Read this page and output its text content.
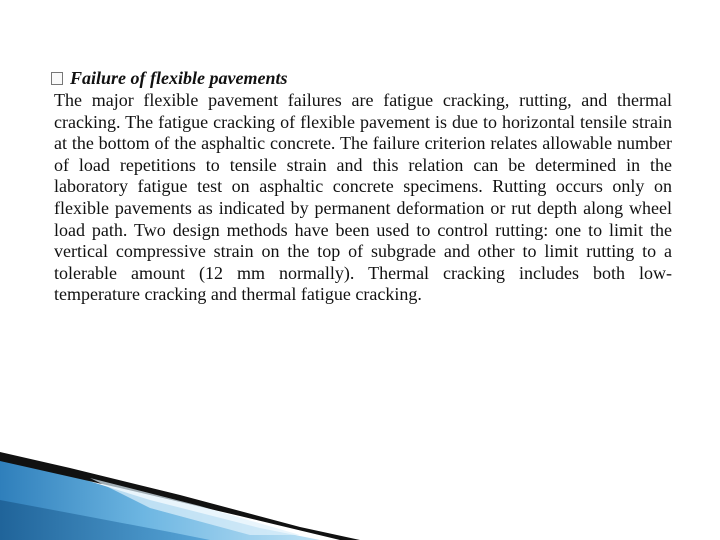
Failure of flexible pavements

The major flexible pavement failures are fatigue cracking, rutting, and thermal cracking. The fatigue cracking of flexible pavement is due to horizontal tensile strain at the bottom of the asphaltic concrete. The failure criterion relates allowable number of load repetitions to tensile strain and this relation can be determined in the laboratory fatigue test on asphaltic concrete specimens. Rutting occurs only on flexible pavements as indicated by permanent deformation or rut depth along wheel load path. Two design methods have been used to control rutting: one to limit the vertical compressive strain on the top of subgrade and other to limit rutting to a tolerable amount (12 mm normally). Thermal cracking includes both low-temperature cracking and thermal fatigue cracking.
